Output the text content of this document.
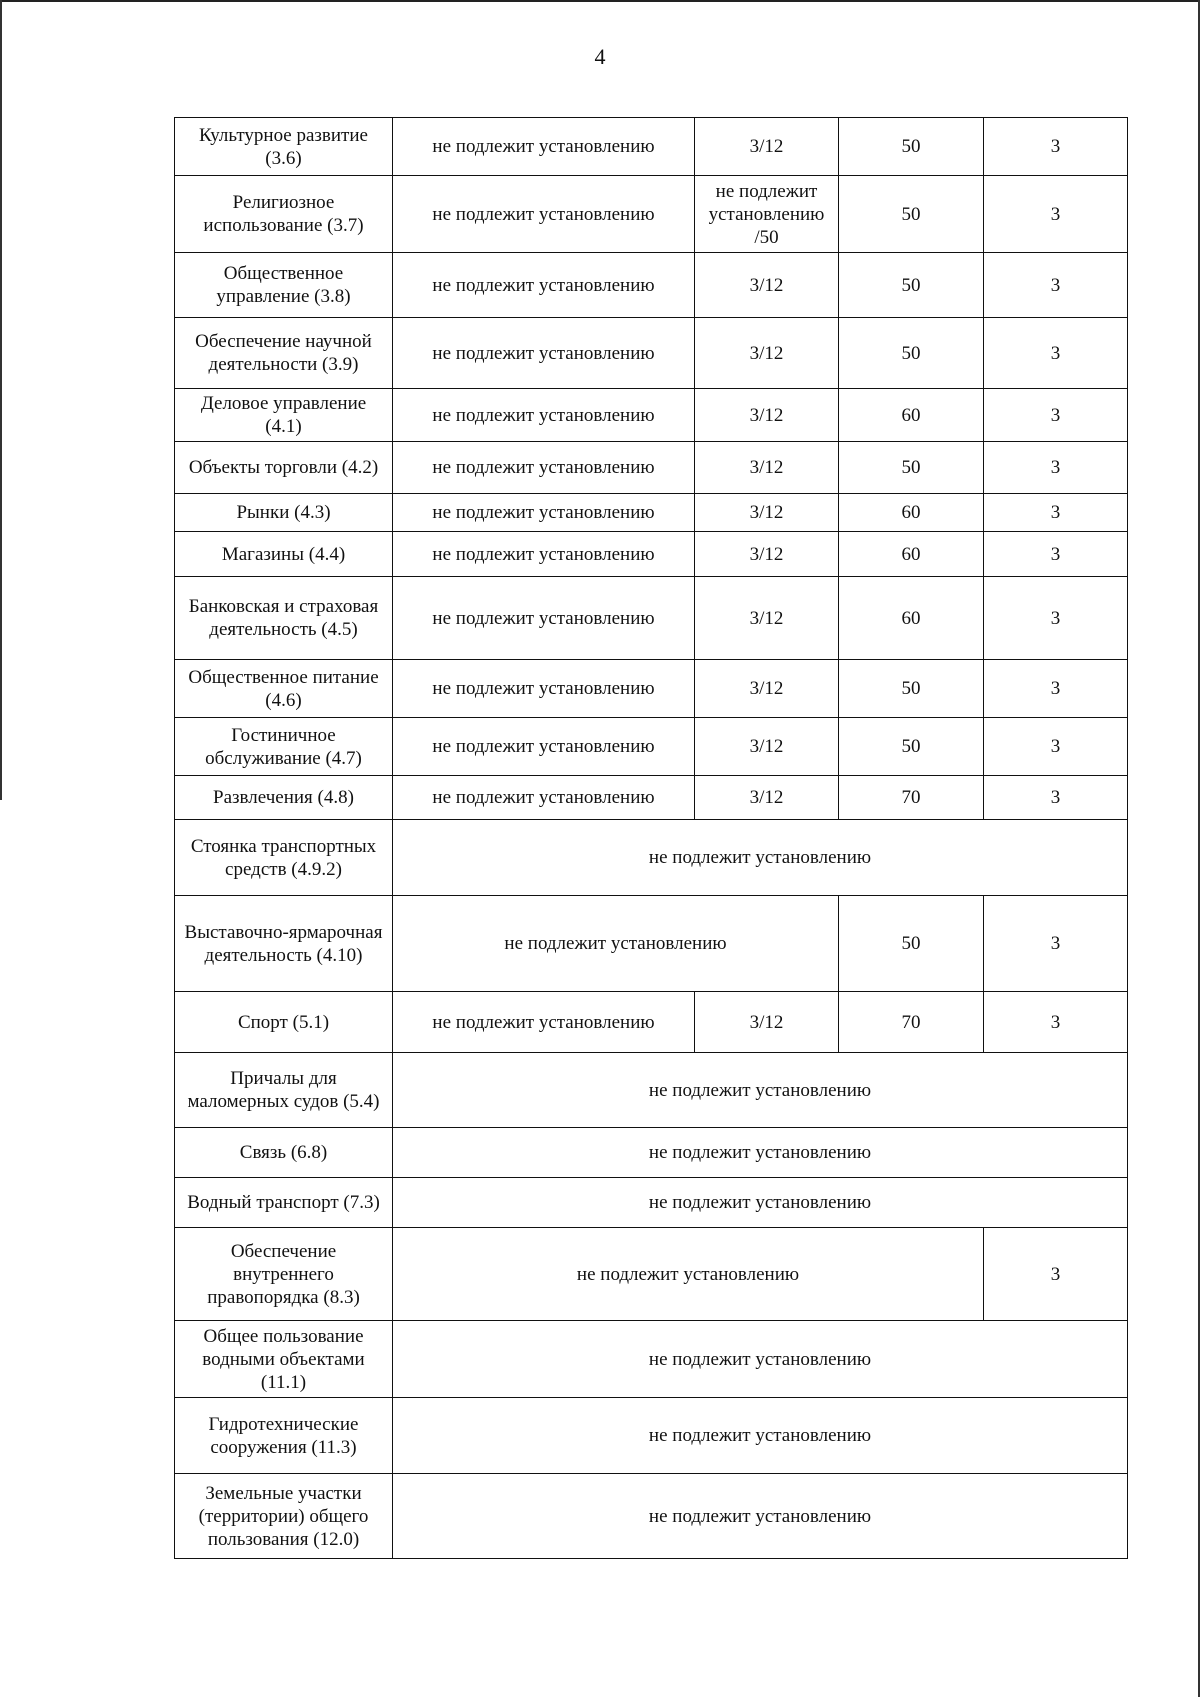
4
Культурное развитие (3.6)	не подлежит установлению	3/12	50	3
Религиозное использование (3.7)	не подлежит установлению	не подлежит установлению /50	50	3
Общественное управление (3.8)	не подлежит установлению	3/12	50	3
Обеспечение научной деятельности (3.9)	не подлежит установлению	3/12	50	3
Деловое управление (4.1)	не подлежит установлению	3/12	60	3
Объекты торговли (4.2)	не подлежит установлению	3/12	50	3
Рынки (4.3)	не подлежит установлению	3/12	60	3
Магазины (4.4)	не подлежит установлению	3/12	60	3
Банковская и страховая деятельность (4.5)	не подлежит установлению	3/12	60	3
Общественное питание (4.6)	не подлежит установлению	3/12	50	3
Гостиничное обслуживание (4.7)	не подлежит установлению	3/12	50	3
Развлечения (4.8)	не подлежит установлению	3/12	70	3
Стоянка транспортных средств (4.9.2)	не подлежит установлению			
Выставочно-ярмарочная деятельность (4.10)	не подлежит установлению		50	3
Спорт (5.1)	не подлежит установлению	3/12	70	3
Причалы для маломерных судов (5.4)	не подлежит установлению			
Связь (6.8)	не подлежит установлению			
Водный транспорт (7.3)	не подлежит установлению			
Обеспечение внутреннего правопорядка (8.3)	не подлежит установлению			3
Общее пользование водными объектами (11.1)	не подлежит установлению			
Гидротехнические сооружения (11.3)	не подлежит установлению			
Земельные участки (территории) общего пользования (12.0)	не подлежит установлению			
